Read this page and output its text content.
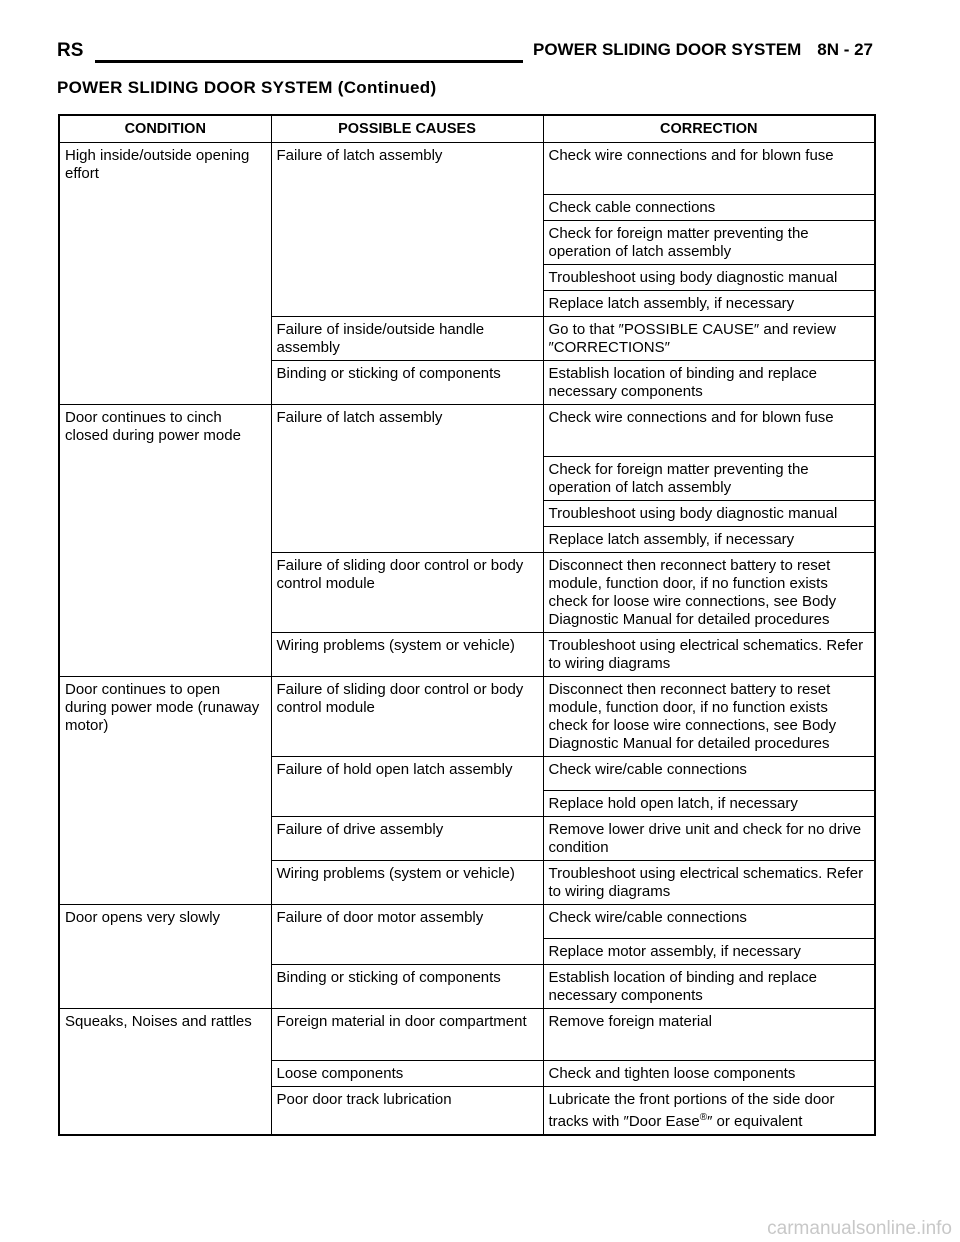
RS	POWER SLIDING DOOR SYSTEM 8N - 27
POWER SLIDING DOOR SYSTEM (Continued)
CONDITION	POSSIBLE CAUSES	CORRECTION
High inside/outside opening effort	Failure of latch assembly	Check wire connections and for blown fuse
		Check cable connections
		Check for foreign matter preventing the operation of latch assembly
		Troubleshoot using body diagnostic manual
		Replace latch assembly, if necessary
	Failure of inside/outside handle assembly	Go to that ″POSSIBLE CAUSE″ and review ″CORRECTIONS″
	Binding or sticking of components	Establish location of binding and replace necessary components
Door continues to cinch closed during power mode	Failure of latch assembly	Check wire connections and for blown fuse
		Check for foreign matter preventing the operation of latch assembly
		Troubleshoot using body diagnostic manual
		Replace latch assembly, if necessary
	Failure of sliding door control or body control module	Disconnect then reconnect battery to reset module, function door, if no function exists check for loose wire connections, see Body Diagnostic Manual for detailed procedures
	Wiring problems (system or vehicle)	Troubleshoot using electrical schematics. Refer to wiring diagrams
Door continues to open during power mode (runaway motor)	Failure of sliding door control or body control module	Disconnect then reconnect battery to reset module, function door, if no function exists check for loose wire connections, see Body Diagnostic Manual for detailed procedures
	Failure of hold open latch assembly	Check wire/cable connections
		Replace hold open latch, if necessary
	Failure of drive assembly	Remove lower drive unit and check for no drive condition
	Wiring problems (system or vehicle)	Troubleshoot using electrical schematics. Refer to wiring diagrams
Door opens very slowly	Failure of door motor assembly	Check wire/cable connections
		Replace motor assembly, if necessary
	Binding or sticking of components	Establish location of binding and replace necessary components
Squeaks, Noises and rattles	Foreign material in door compartment	Remove foreign material
	Loose components	Check and tighten loose components
	Poor door track lubrication	Lubricate the front portions of the side door tracks with ″Door Ease®″ or equivalent
carmanualsonline.info
